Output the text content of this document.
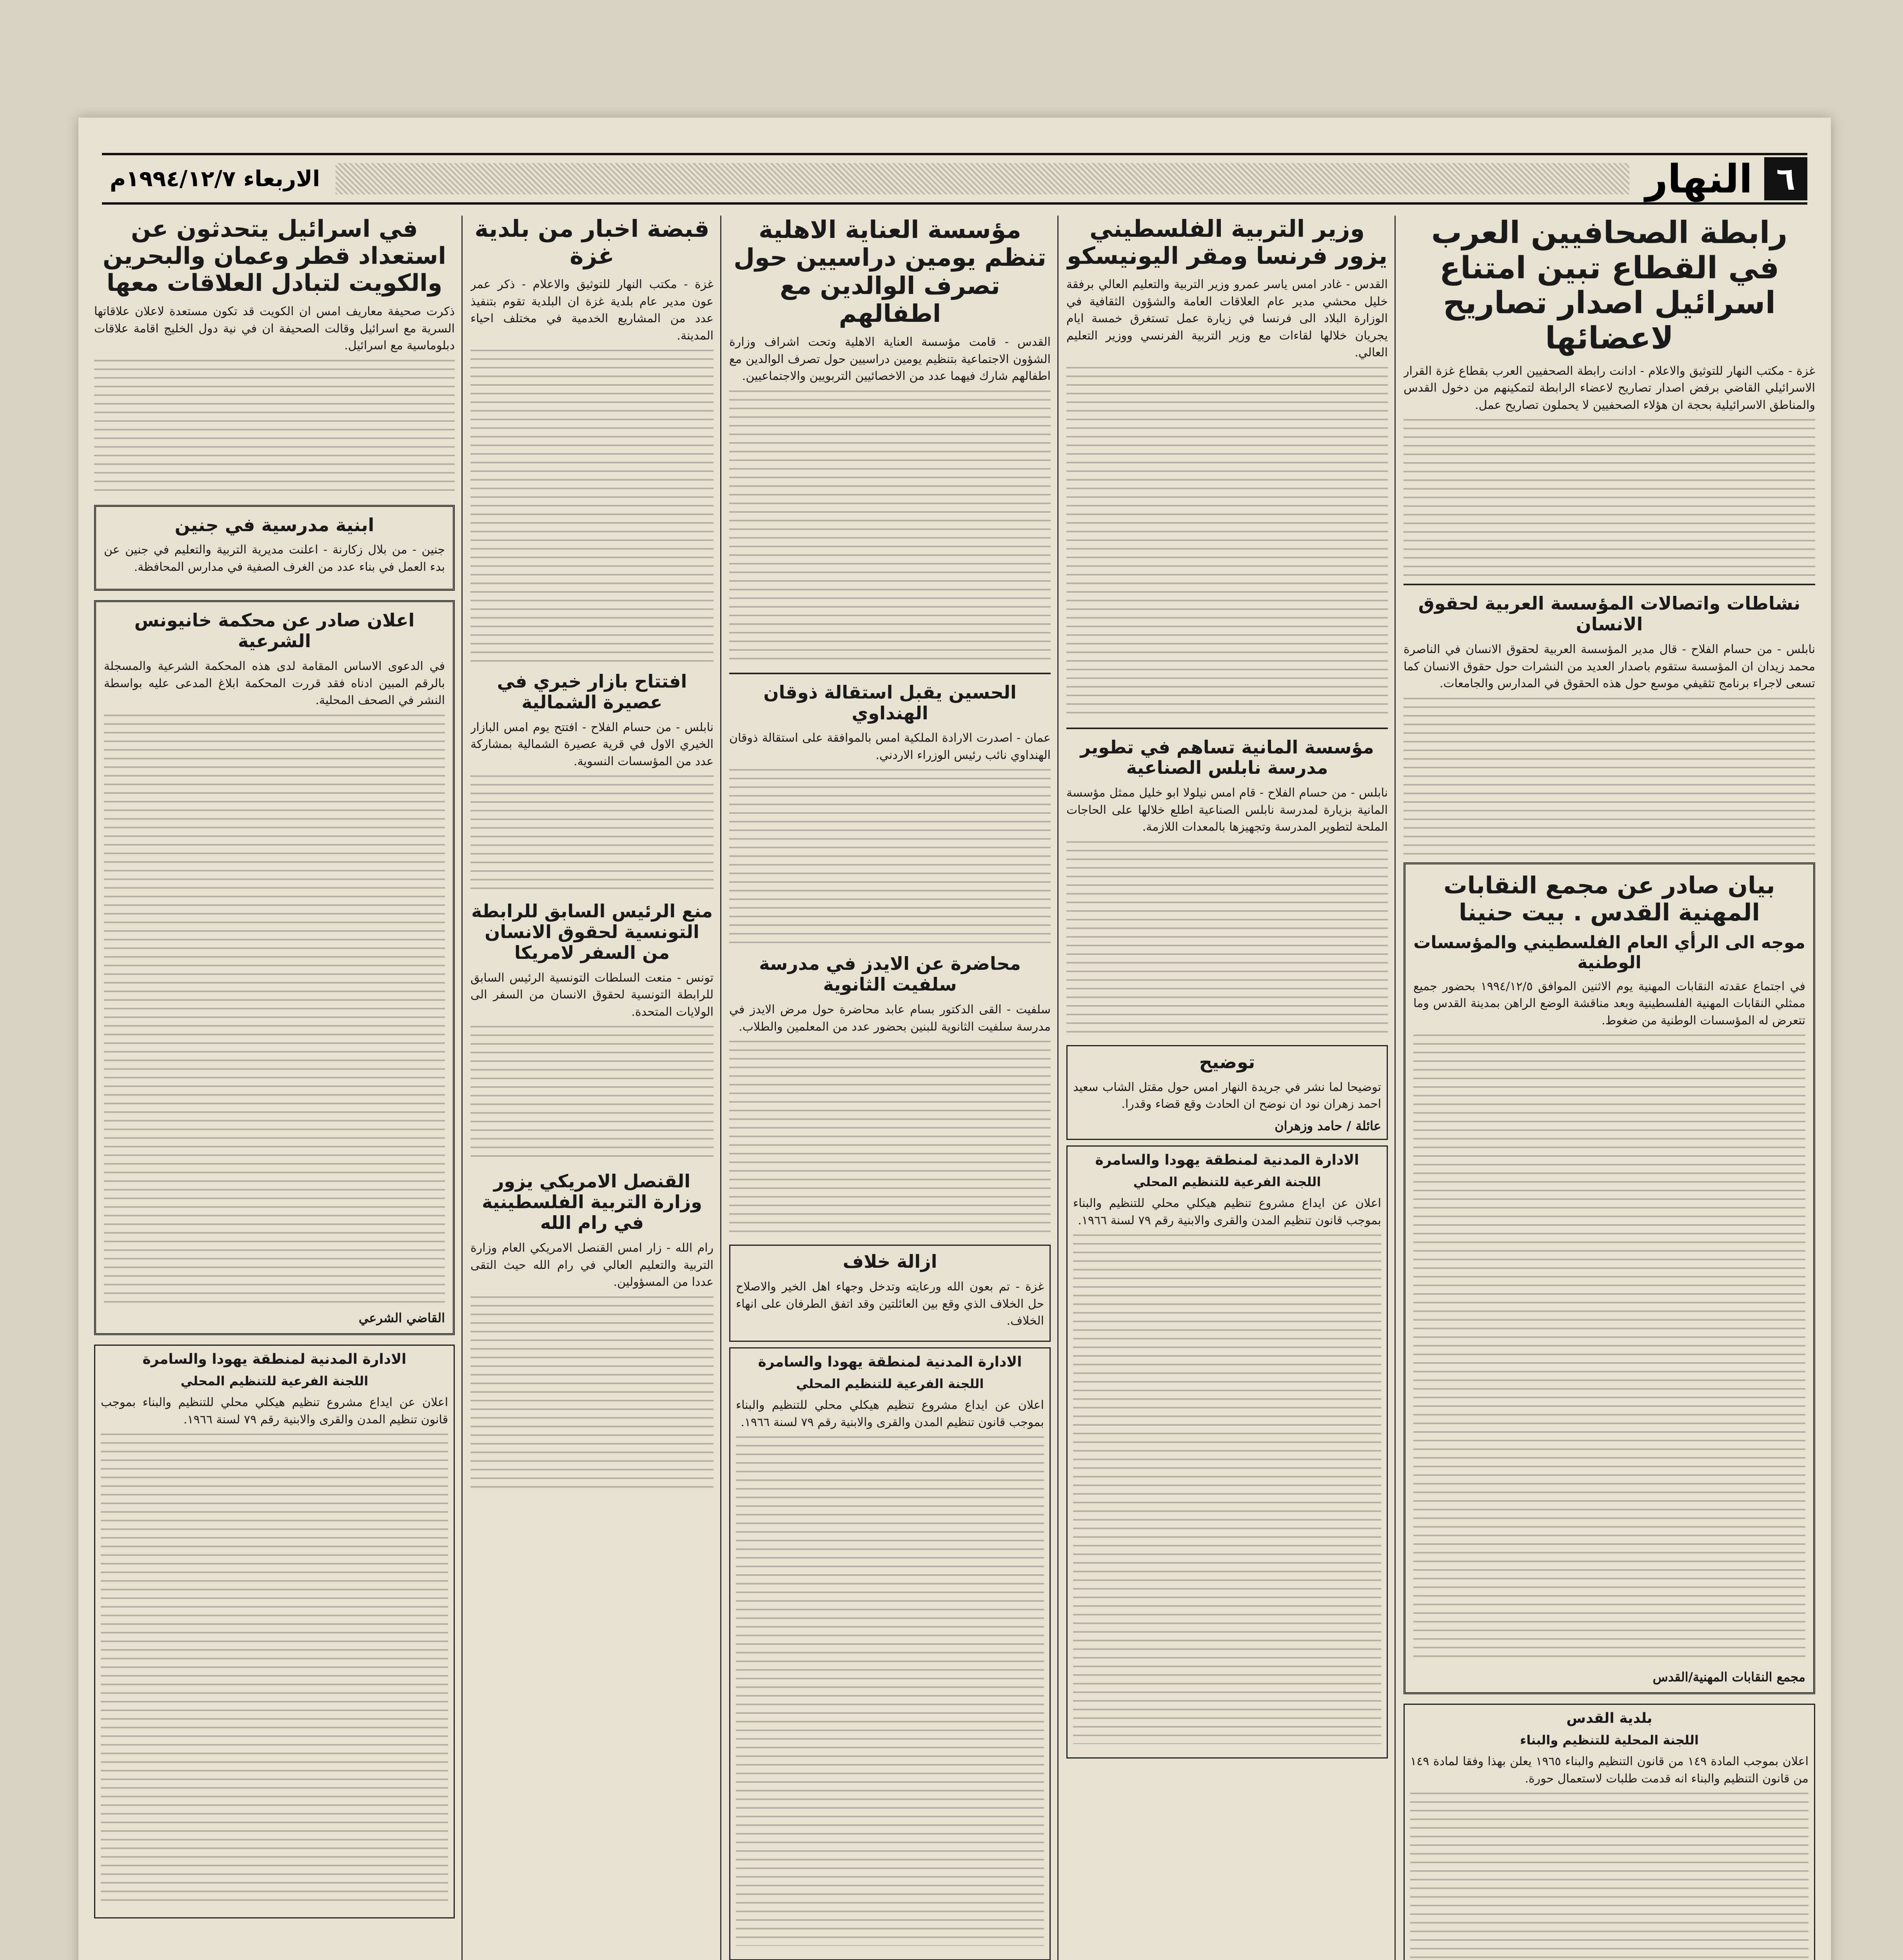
٦
النهار
الاربعاء ١٩٩٤/١٢/٧م
رابطة الصحافيين العرب في القطاع تبين امتناع اسرائيل اصدار تصاريح لاعضائها

غزة - مكتب النهار للتوثيق والاعلام - ادانت رابطة الصحفيين العرب بقطاع غزة القرار الاسرائيلي القاضي برفض اصدار تصاريح لاعضاء الرابطة لتمكينهم من دخول القدس والمناطق الاسرائيلية بحجة ان هؤلاء الصحفيين لا يحملون تصاريح عمل.

نشاطات واتصالات المؤسسة العربية لحقوق الانسان

نابلس - من حسام الفلاح - قال مدير المؤسسة العربية لحقوق الانسان في الناصرة محمد زيدان ان المؤسسة ستقوم باصدار العديد من النشرات حول حقوق الانسان كما تسعى لاجراء برنامج تثقيفي موسع حول هذه الحقوق في المدارس والجامعات.

بيان صادر عن مجمع النقابات المهنية القدس . بيت حنينا
موجه الى الرأي العام الفلسطيني والمؤسسات الوطنية

في اجتماع عقدته النقابات المهنية يوم الاثنين الموافق ١٩٩٤/١٢/٥ بحضور جميع ممثلي النقابات المهنية الفلسطينية وبعد مناقشة الوضع الراهن بمدينة القدس وما تتعرض له المؤسسات الوطنية من ضغوط.

مجمع النقابات المهنية/القدس
بلدية القدس
اللجنة المحلية للتنظيم والبناء

اعلان بموجب المادة ١٤٩ من قانون التنظيم والبناء ١٩٦٥ يعلن بهذا وفقا لمادة ١٤٩ من قانون التنظيم والبناء انه قدمت طلبات لاستعمال حورة.

وزير التربية الفلسطيني يزور فرنسا ومقر اليونيسكو

القدس - غادر امس ياسر عمرو وزير التربية والتعليم العالي برفقة خليل محشي مدير عام العلاقات العامة والشؤون الثقافية في الوزارة البلاد الى فرنسا في زيارة عمل تستغرق خمسة ايام يجريان خلالها لقاءات مع وزير التربية الفرنسي ووزير التعليم العالي.

مؤسسة المانية تساهم في تطوير مدرسة نابلس الصناعية

نابلس - من حسام الفلاح - قام امس نيلولا ابو خليل ممثل مؤسسة المانية بزيارة لمدرسة نابلس الصناعية اطلع خلالها على الحاجات الملحة لتطوير المدرسة وتجهيزها بالمعدات اللازمة.

توضيح

توضيحا لما نشر في جريدة النهار امس حول مقتل الشاب سعيد احمد زهران نود ان نوضح ان الحادث وقع قضاء وقدرا.

عائلة / حامد وزهران
الادارة المدنية لمنطقة يهودا والسامرة
اللجنة الفرعية للتنظيم المحلي

اعلان عن ايداع مشروع تنظيم هيكلي محلي للتنظيم والبناء بموجب قانون تنظيم المدن والقرى والابنية رقم ٧٩ لسنة ١٩٦٦.

مؤسسة العناية الاهلية تنظم يومين دراسيين حول تصرف الوالدين مع اطفالهم

القدس - قامت مؤسسة العناية الاهلية وتحت اشراف وزارة الشؤون الاجتماعية بتنظيم يومين دراسيين حول تصرف الوالدين مع اطفالهم شارك فيهما عدد من الاخصائيين التربويين والاجتماعيين.

الحسين يقبل استقالة ذوقان الهنداوي

عمان - اصدرت الارادة الملكية امس بالموافقة على استقالة ذوقان الهنداوي نائب رئيس الوزراء الاردني.

محاضرة عن الايدز في مدرسة سلفيت الثانوية

سلفيت - القى الدكتور بسام عابد محاضرة حول مرض الايدز في مدرسة سلفيت الثانوية للبنين بحضور عدد من المعلمين والطلاب.

ازالة خلاف

غزة - تم بعون الله ورعايته وتدخل وجهاء اهل الخير والاصلاح حل الخلاف الذي وقع بين العائلتين وقد اتفق الطرفان على انهاء الخلاف.

الادارة المدنية لمنطقة يهودا والسامرة
اللجنة الفرعية للتنظيم المحلي

اعلان عن ايداع مشروع تنظيم هيكلي محلي للتنظيم والبناء بموجب قانون تنظيم المدن والقرى والابنية رقم ٧٩ لسنة ١٩٦٦.

قبضة اخبار من بلدية غزة

غزة - مكتب النهار للتوثيق والاعلام - ذكر عمر عون مدير عام بلدية غزة ان البلدية تقوم بتنفيذ عدد من المشاريع الخدمية في مختلف احياء المدينة.

افتتاح بازار خيري في عصيرة الشمالية

نابلس - من حسام الفلاح - افتتح يوم امس البازار الخيري الاول في قرية عصيرة الشمالية بمشاركة عدد من المؤسسات النسوية.

منع الرئيس السابق للرابطة التونسية لحقوق الانسان من السفر لامريكا

تونس - منعت السلطات التونسية الرئيس السابق للرابطة التونسية لحقوق الانسان من السفر الى الولايات المتحدة.

القنصل الامريكي يزور وزارة التربية الفلسطينية في رام الله

رام الله - زار امس القنصل الامريكي العام وزارة التربية والتعليم العالي في رام الله حيث التقى عددا من المسؤولين.

في اسرائيل يتحدثون عن استعداد قطر وعمان والبحرين والكويت لتبادل العلاقات معها

ذكرت صحيفة معاريف امس ان الكويت قد تكون مستعدة لاعلان علاقاتها السرية مع اسرائيل وقالت الصحيفة ان في نية دول الخليج اقامة علاقات دبلوماسية مع اسرائيل.

ابنية مدرسية في جنين

جنين - من بلال زكارنة - اعلنت مديرية التربية والتعليم في جنين عن بدء العمل في بناء عدد من الغرف الصفية في مدارس المحافظة.

اعلان صادر عن محكمة خانيونس الشرعية

في الدعوى الاساس المقامة لدى هذه المحكمة الشرعية والمسجلة بالرقم المبين ادناه فقد قررت المحكمة ابلاغ المدعى عليه بواسطة النشر في الصحف المحلية.

القاضي الشرعي
الادارة المدنية لمنطقة يهودا والسامرة
اللجنة الفرعية للتنظيم المحلي

اعلان عن ايداع مشروع تنظيم هيكلي محلي للتنظيم والبناء بموجب قانون تنظيم المدن والقرى والابنية رقم ٧٩ لسنة ١٩٦٦.
